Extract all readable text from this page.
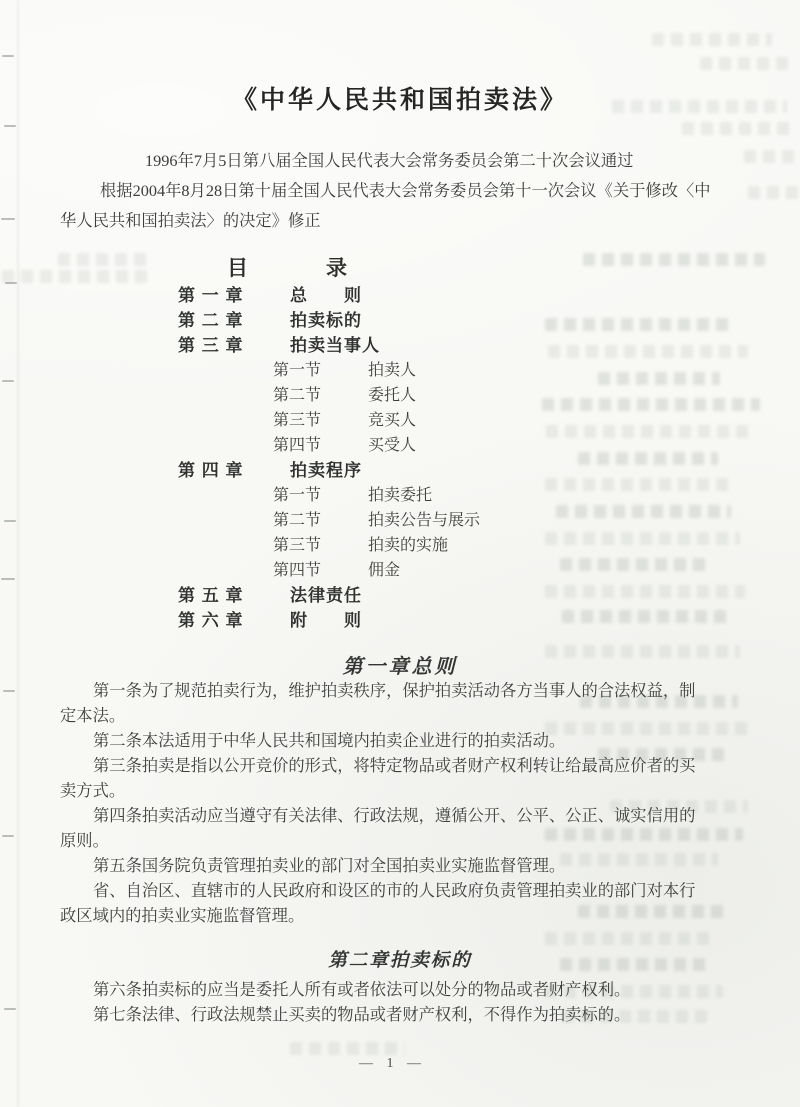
《中华人民共和国拍卖法》
1996年7月5日第八届全国人民代表大会常务委员会第二十次会议通过
根据2004年8月28日第十届全国人民代表大会常务委员会第十一次会议《关于修改〈中
华人民共和国拍卖法〉的决定》修正
目　　录
第 一 章	总　　则
第 二 章	拍卖标的
第 三 章	拍卖当事人
第一节	拍卖人
第二节	委托人
第三节	竞买人
第四节	买受人
第 四 章	拍卖程序
第一节	拍卖委托
第二节	拍卖公告与展示
第三节	拍卖的实施
第四节	佣金
第 五 章	法律责任
第 六 章	附　　则
第一章总则

第一条为了规范拍卖行为，维护拍卖秩序，保护拍卖活动各方当事人的合法权益，制

定本法。

第二条本法适用于中华人民共和国境内拍卖企业进行的拍卖活动。

第三条拍卖是指以公开竞价的形式，将特定物品或者财产权利转让给最高应价者的买

卖方式。

第四条拍卖活动应当遵守有关法律、行政法规，遵循公开、公平、公正、诚实信用的

原则。

第五条国务院负责管理拍卖业的部门对全国拍卖业实施监督管理。

省、自治区、直辖市的人民政府和设区的市的人民政府负责管理拍卖业的部门对本行

政区域内的拍卖业实施监督管理。

第二章拍卖标的

第六条拍卖标的应当是委托人所有或者依法可以处分的物品或者财产权利。

第七条法律、行政法规禁止买卖的物品或者财产权利，不得作为拍卖标的。

— 1 —
